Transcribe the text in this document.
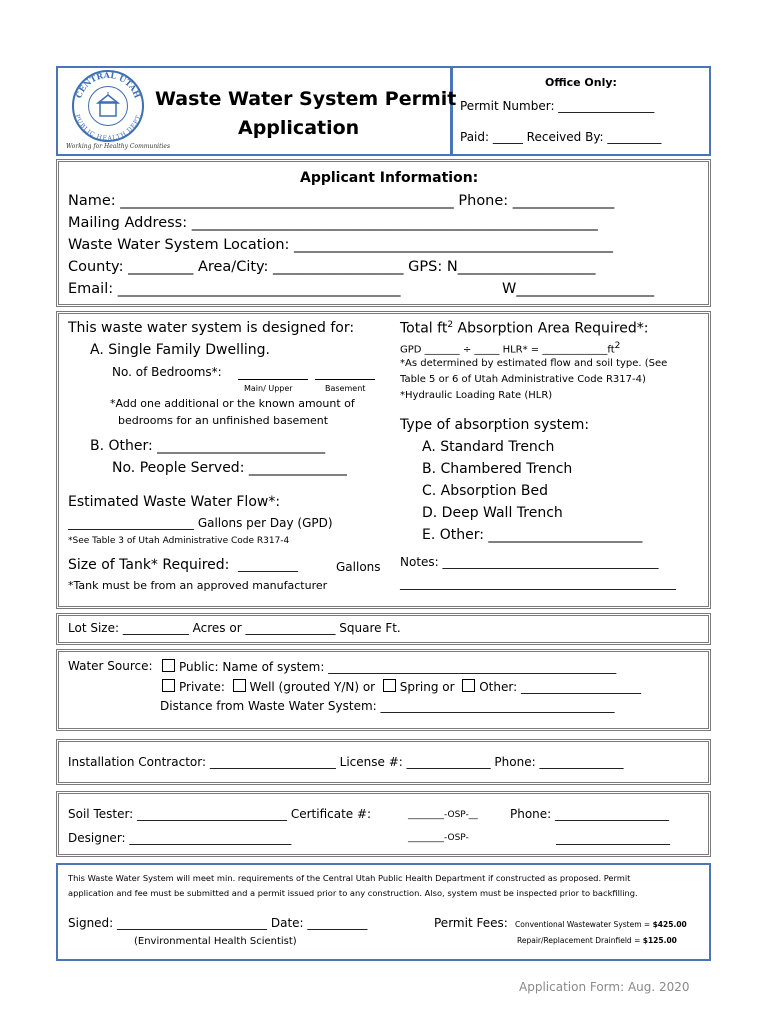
CENTRAL UTAH
PUBLIC HEALTH DEPT.
Working for Healthy Communities
Waste Water System Permit
Application
Office Only:
Permit Number: ________________
Paid: _____ Received By: _________
Applicant Information:
Name: ______________________________________________ Phone: ______________
Mailing Address: ________________________________________________________
Waste Water System Location: ____________________________________________
County: _________ Area/City: __________________ GPS: N___________________
Email: _______________________________________	W___________________
This waste water system is designed for:
A. Single Family Dwelling.
No. of Bedrooms*:
Main/ Upper	Basement
*Add one additional or the known amount of
bedrooms for an unfinished basement
B. Other: ________________________
No. People Served: ______________
Estimated Waste Water Flow*:
_____________________ Gallons per Day (GPD)
*See Table 3 of Utah Administrative Code R317-4
Size of Tank* Required: __________	Gallons
*Tank must be from an approved manufacturer
Total $ft^2$ Absorption Area Required*:
GPD _______ ÷ _____ HLR* = _____________ft2
*As determined by estimated flow and soil type. (See
Table 5 or 6 of Utah Administrative Code R317-4)
*Hydraulic Loading Rate (HLR)
Type of absorption system:
A. Standard Trench
B. Chambered Trench
C. Absorption Bed
D. Deep Wall Trench
E. Other: ______________________
Notes: ____________________________________
______________________________________________
Lot Size: ___________ Acres or _______________ Square Ft.
Water Source:	Public: Name of system: ________________________________________________
Private: Well (grouted Y/N) or Spring or Other: ____________________
Distance from Waste Water System: _______________________________________
Installation Contractor: _____________________ License #: ______________ Phone: ______________
Soil Tester: _________________________ Certificate #:	________-OSP-__	Phone: ___________________
Designer: ___________________________	________-OSP-	___________________
This Waste Water System will meet min. requirements of the Central Utah Public Health Department if constructed as proposed. Permit
application and fee must be submitted and a permit issued prior to any construction. Also, system must be inspected prior to backfilling.
Signed: _________________________ Date: __________
(Environmental Health Scientist)
Permit Fees: Conventional Wastewater System = $425.00
Repair/Replacement Drainfield = $125.00
Application Form: Aug. 2020
